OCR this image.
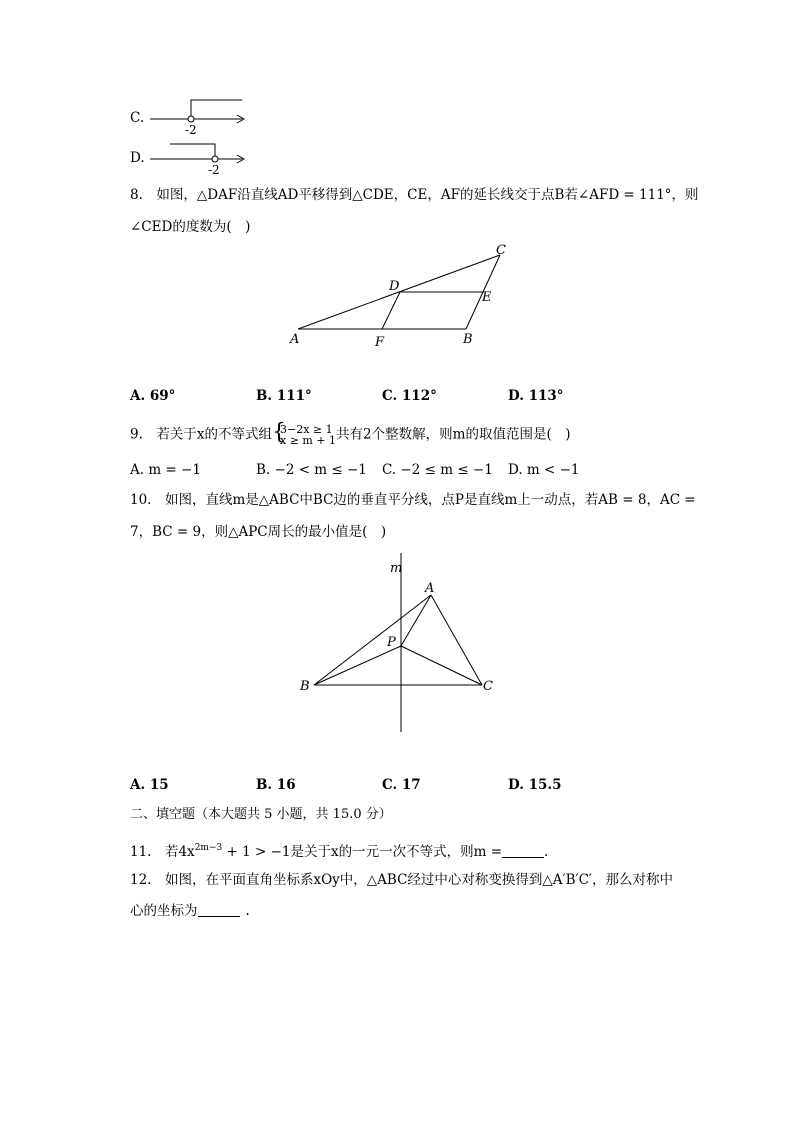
C.
-2
D.
-2
8.　如图，△DAF沿直线AD平移得到△CDE，CE，AF的延长线交于点B若∠AFD = 111°，则
∠CED的度数为(　)
C
D
E
A	F	B
A. 69°	B. 111°	C. 112°	D. 113°
9.　若关于x的不等式组 {
3−2x ≥ 1
x ≥ m + 1 共有2个整数解，则m的取值范围是(　)
A. m = −1	B. −2 < m ≤ −1 C. −2 ≤ m ≤ −1 D. m < −1
10.　如图，直线m是△ABC中BC边的垂直平分线，点P是直线m上一动点，若AB = 8，AC =
7，BC = 9，则△APC周长的最小值是(　)
m
A
P
B	C
A. 15	B. 16	C. 17	D. 15.5
二、填空题（本大题共 5 小题，共 15.0 分）
11.　若$4x^{2m-3} + 1 > -1$是关于x的一元一次不等式，则m =	.
12.　如图，在平面直角坐标系xOy中，△ABC经过中心对称变换得到△A′B′C′，那么对称中
心的坐标为	.
